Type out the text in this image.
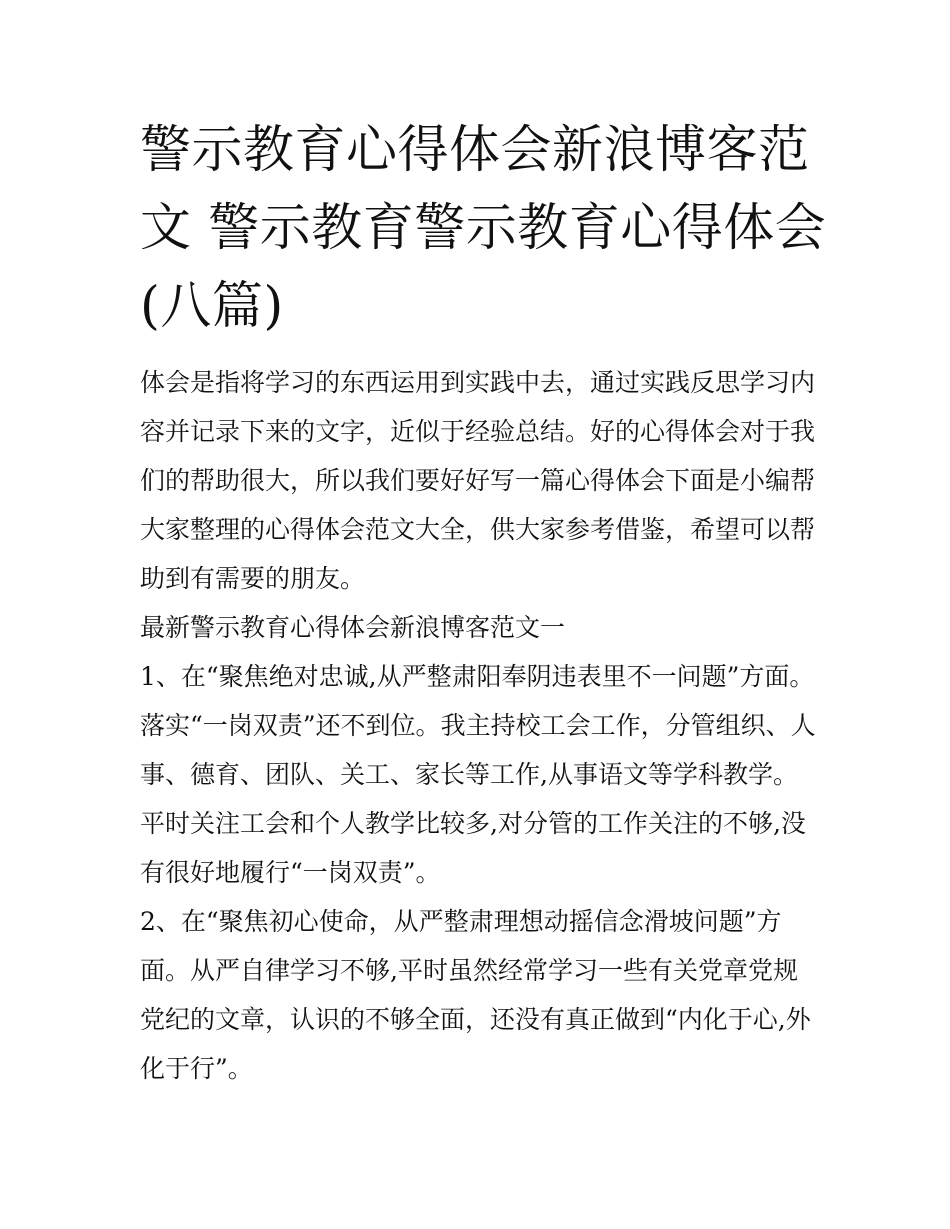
警示教育心得体会新浪博客范
文 警示教育警示教育心得体会
(八篇)

体会是指将学习的东西运用到实践中去，通过实践反思学习内
容并记录下来的文字，近似于经验总结。好的心得体会对于我
们的帮助很大，所以我们要好好写一篇心得体会下面是小编帮
大家整理的心得体会范文大全，供大家参考借鉴，希望可以帮
助到有需要的朋友。

最新警示教育心得体会新浪博客范文一

1、在“聚焦绝对忠诚,从严整肃阳奉阴违表里不一问题”方面。
落实“一岗双责”还不到位。我主持校工会工作，分管组织、人
事、德育、团队、关工、家长等工作,从事语文等学科教学。
平时关注工会和个人教学比较多,对分管的工作关注的不够,没
有很好地履行“一岗双责”。

2、在“聚焦初心使命，从严整肃理想动摇信念滑坡问题”方
面。从严自律学习不够,平时虽然经常学习一些有关党章党规
党纪的文章，认识的不够全面，还没有真正做到“内化于心,外
化于行”。
